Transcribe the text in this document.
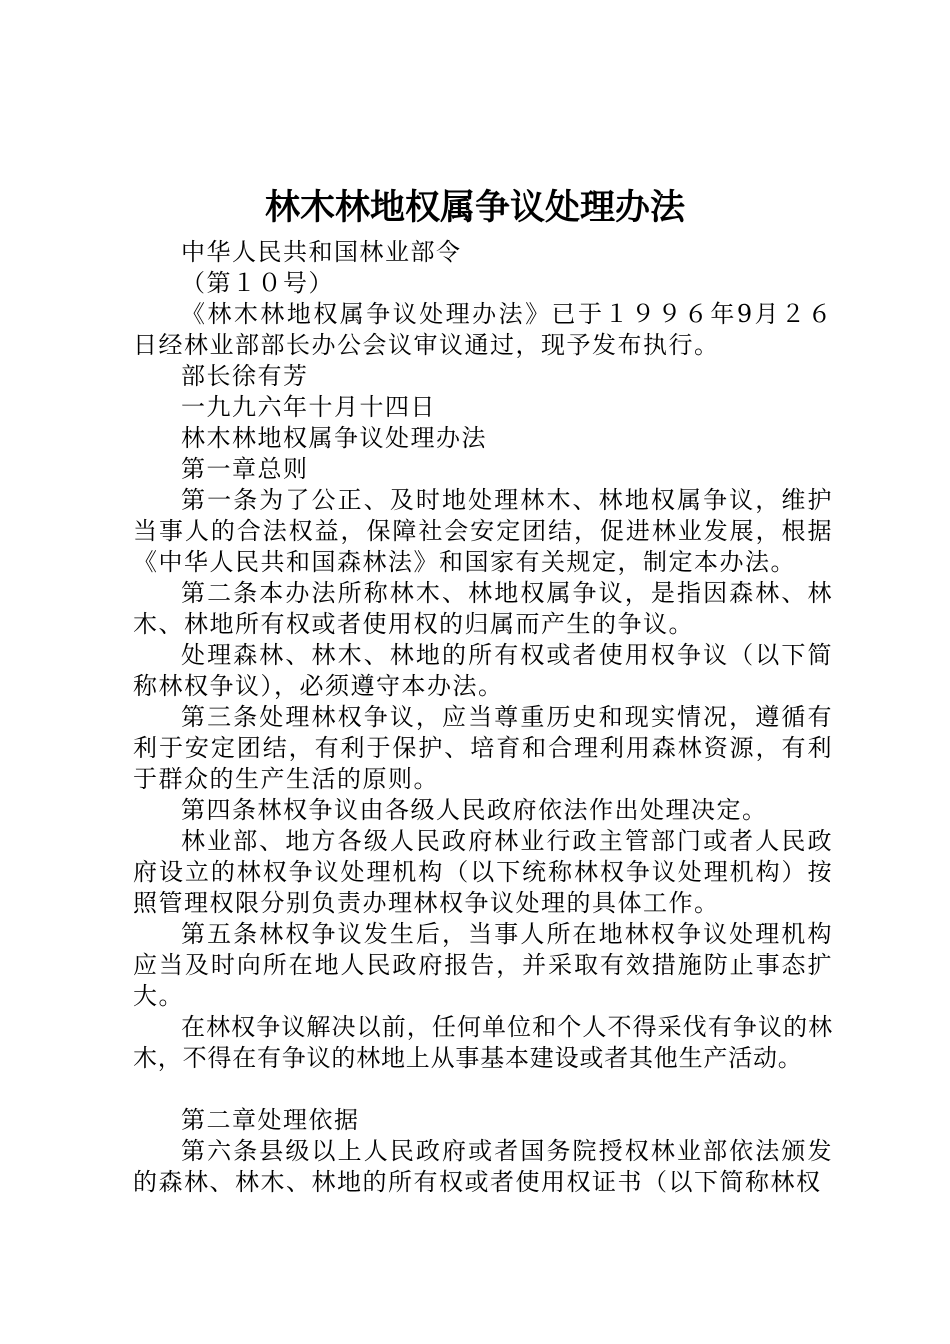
林木林地权属争议处理办法

中华人民共和国林业部令

（第１０号）

《林木林地权属争议处理办法》已于１９９６年9月２６日经林业部部长办公会议审议通过，现予发布执行。

部长徐有芳

一九九六年十月十四日

林木林地权属争议处理办法

第一章总则

第一条为了公正、及时地处理林木、林地权属争议，维护当事人的合法权益，保障社会安定团结，促进林业发展，根据《中华人民共和国森林法》和国家有关规定，制定本办法。

第二条本办法所称林木、林地权属争议，是指因森林、林木、林地所有权或者使用权的归属而产生的争议。

处理森林、林木、林地的所有权或者使用权争议（以下简称林权争议），必须遵守本办法。

第三条处理林权争议，应当尊重历史和现实情况，遵循有利于安定团结，有利于保护、培育和合理利用森林资源，有利于群众的生产生活的原则。

第四条林权争议由各级人民政府依法作出处理决定。

林业部、地方各级人民政府林业行政主管部门或者人民政府设立的林权争议处理机构（以下统称林权争议处理机构）按照管理权限分别负责办理林权争议处理的具体工作。

第五条林权争议发生后，当事人所在地林权争议处理机构应当及时向所在地人民政府报告，并采取有效措施防止事态扩大。

在林权争议解决以前，任何单位和个人不得采伐有争议的林木，不得在有争议的林地上从事基本建设或者其他生产活动。

第二章处理依据

第六条县级以上人民政府或者国务院授权林业部依法颁发的森林、林木、林地的所有权或者使用权证书（以下简称林权
